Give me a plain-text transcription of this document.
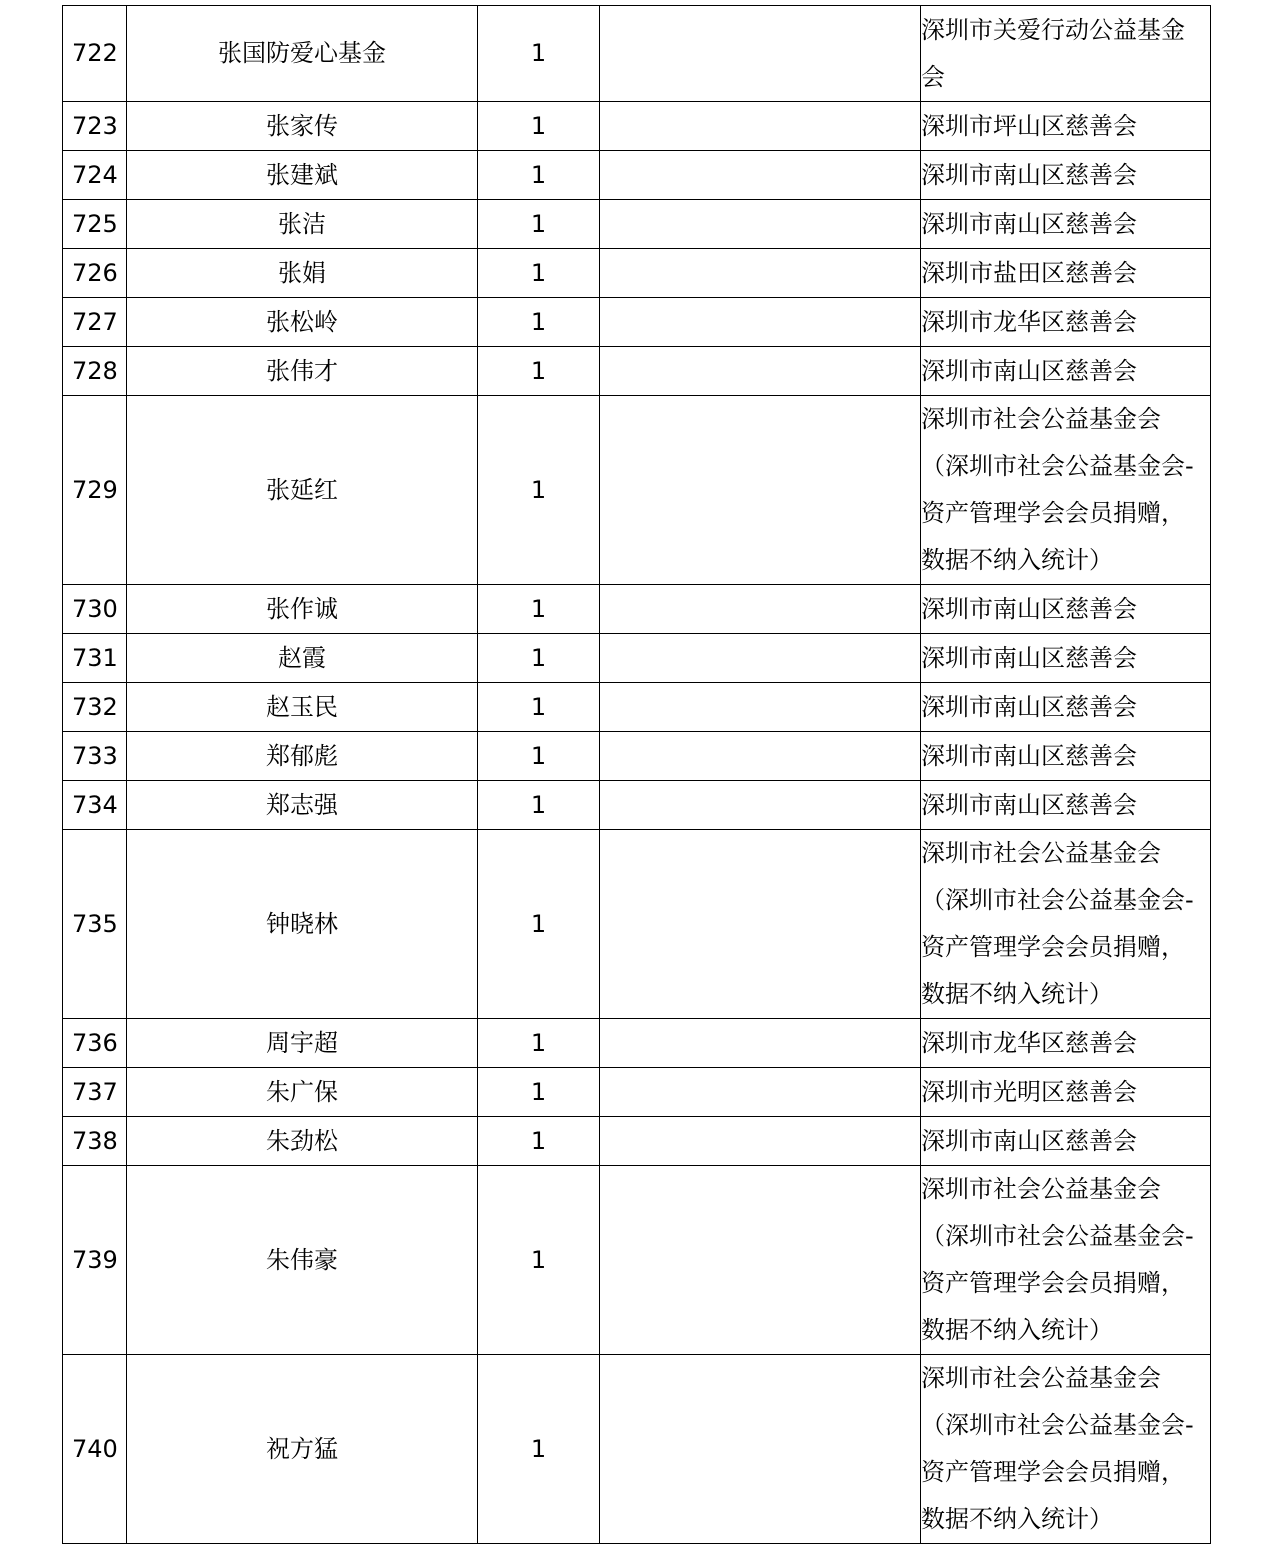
722	张国防爱心基金	1		深圳市关爱行动公益基金会
723	张家传	1		深圳市坪山区慈善会
724	张建斌	1		深圳市南山区慈善会
725	张洁	1		深圳市南山区慈善会
726	张娟	1		深圳市盐田区慈善会
727	张松岭	1		深圳市龙华区慈善会
728	张伟才	1		深圳市南山区慈善会
729	张延红	1		深圳市社会公益基金会（深圳市社会公益基金会-资产管理学会会员捐赠，数据不纳入统计）
730	张作诚	1		深圳市南山区慈善会
731	赵霞	1		深圳市南山区慈善会
732	赵玉民	1		深圳市南山区慈善会
733	郑郁彪	1		深圳市南山区慈善会
734	郑志强	1		深圳市南山区慈善会
735	钟晓林	1		深圳市社会公益基金会（深圳市社会公益基金会-资产管理学会会员捐赠，数据不纳入统计）
736	周宇超	1		深圳市龙华区慈善会
737	朱广保	1		深圳市光明区慈善会
738	朱劲松	1		深圳市南山区慈善会
739	朱伟豪	1		深圳市社会公益基金会（深圳市社会公益基金会-资产管理学会会员捐赠，数据不纳入统计）
740	祝方猛	1		深圳市社会公益基金会（深圳市社会公益基金会-资产管理学会会员捐赠，数据不纳入统计）
